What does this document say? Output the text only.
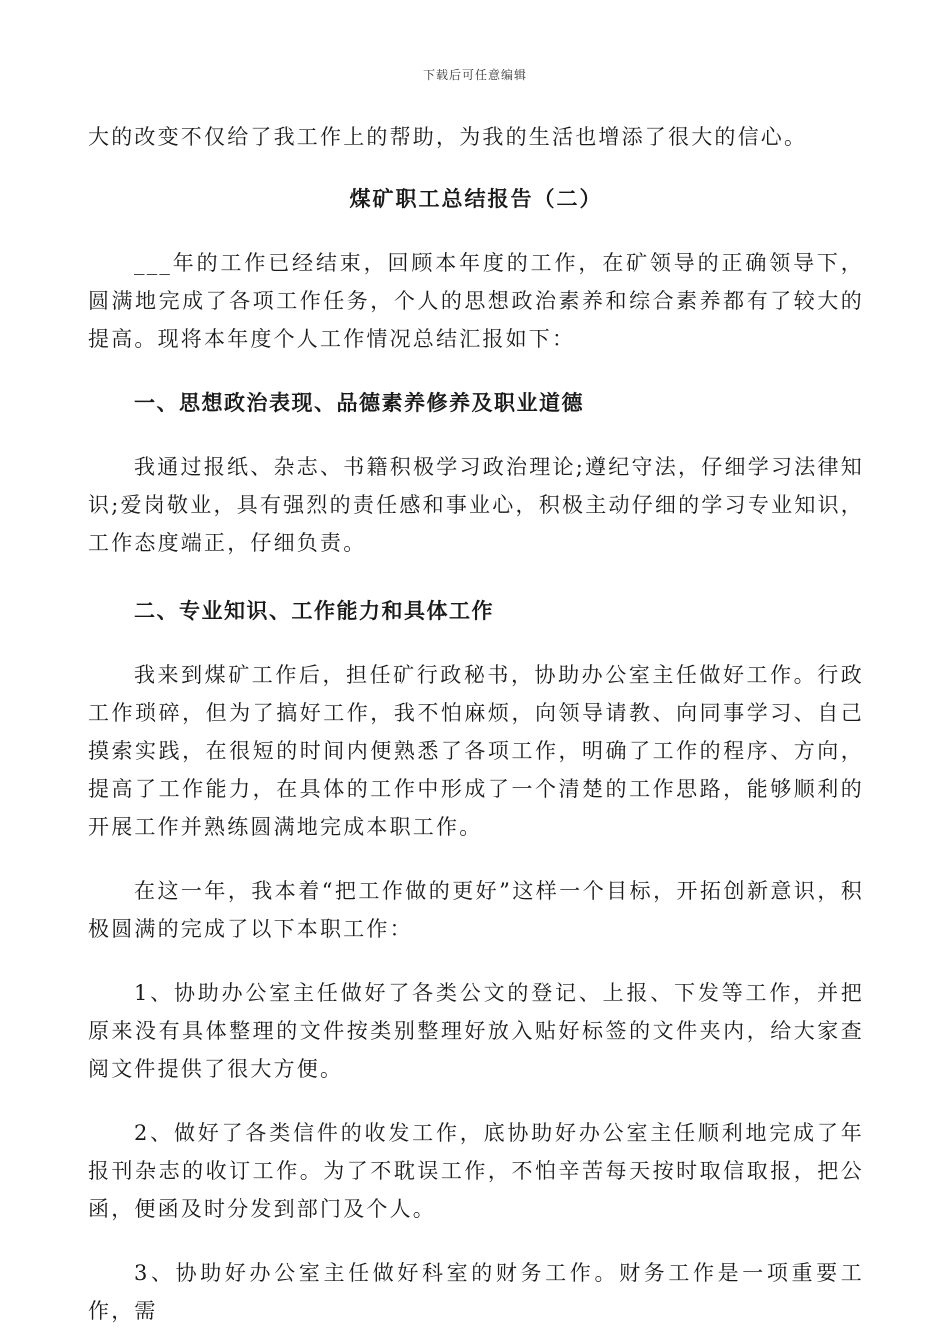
下载后可任意编辑

大的改变不仅给了我工作上的帮助，为我的生活也增添了很大的信心。

煤矿职工总结报告（二）

___年的工作已经结束，回顾本年度的工作，在矿领导的正确领导下，圆满地完成了各项工作任务，个人的思想政治素养和综合素养都有了较大的提高。现将本年度个人工作情况总结汇报如下：

一、思想政治表现、品德素养修养及职业道德

我通过报纸、杂志、书籍积极学习政治理论;遵纪守法，仔细学习法律知识;爱岗敬业，具有强烈的责任感和事业心，积极主动仔细的学习专业知识，工作态度端正，仔细负责。

二、专业知识、工作能力和具体工作

我来到煤矿工作后，担任矿行政秘书，协助办公室主任做好工作。行政工作琐碎，但为了搞好工作，我不怕麻烦，向领导请教、向同事学习、自己摸索实践，在很短的时间内便熟悉了各项工作，明确了工作的程序、方向，提高了工作能力，在具体的工作中形成了一个清楚的工作思路，能够顺利的开展工作并熟练圆满地完成本职工作。

在这一年，我本着“把工作做的更好”这样一个目标，开拓创新意识，积极圆满的完成了以下本职工作：

1、协助办公室主任做好了各类公文的登记、上报、下发等工作，并把原来没有具体整理的文件按类别整理好放入贴好标签的文件夹内，给大家查阅文件提供了很大方便。

2、做好了各类信件的收发工作，底协助好办公室主任顺利地完成了年报刊杂志的收订工作。为了不耽误工作，不怕辛苦每天按时取信取报，把公函，便函及时分发到部门及个人。

3、协助好办公室主任做好科室的财务工作。财务工作是一项重要工作，需
